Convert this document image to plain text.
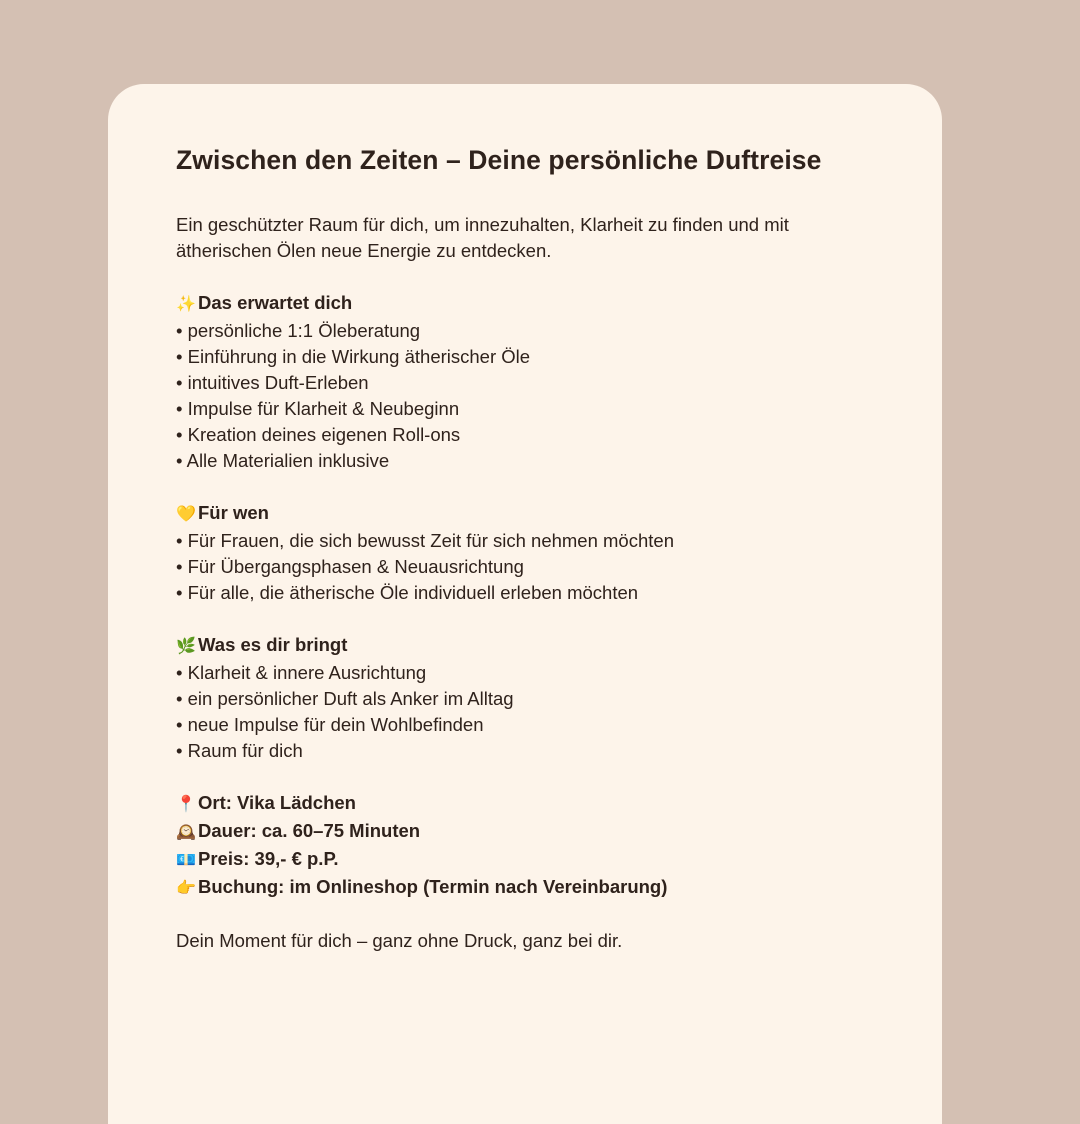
Zwischen den Zeiten – Deine persönliche Duftreise
Ein geschützter Raum für dich, um innezuhalten, Klarheit zu finden und mit ätherischen Ölen neue Energie zu entdecken.
✨ Das erwartet dich
• persönliche 1:1 Öleberatung
• Einführung in die Wirkung ätherischer Öle
• intuitives Duft-Erleben
• Impulse für Klarheit & Neubeginn
• Kreation deines eigenen Roll-ons
• Alle Materialien inklusive
💛 Für wen
• Für Frauen, die sich bewusst Zeit für sich nehmen möchten
• Für Übergangsphasen & Neuausrichtung
• Für alle, die ätherische Öle individuell erleben möchten
🌿 Was es dir bringt
• Klarheit & innere Ausrichtung
• ein persönlicher Duft als Anker im Alltag
• neue Impulse für dein Wohlbefinden
• Raum für dich
📍 Ort: Vika Lädchen
🕰️ Dauer: ca. 60–75 Minuten
💶 Preis: 39,- € p.P.
👉 Buchung: im Onlineshop (Termin nach Vereinbarung)
Dein Moment für dich – ganz ohne Druck, ganz bei dir.
